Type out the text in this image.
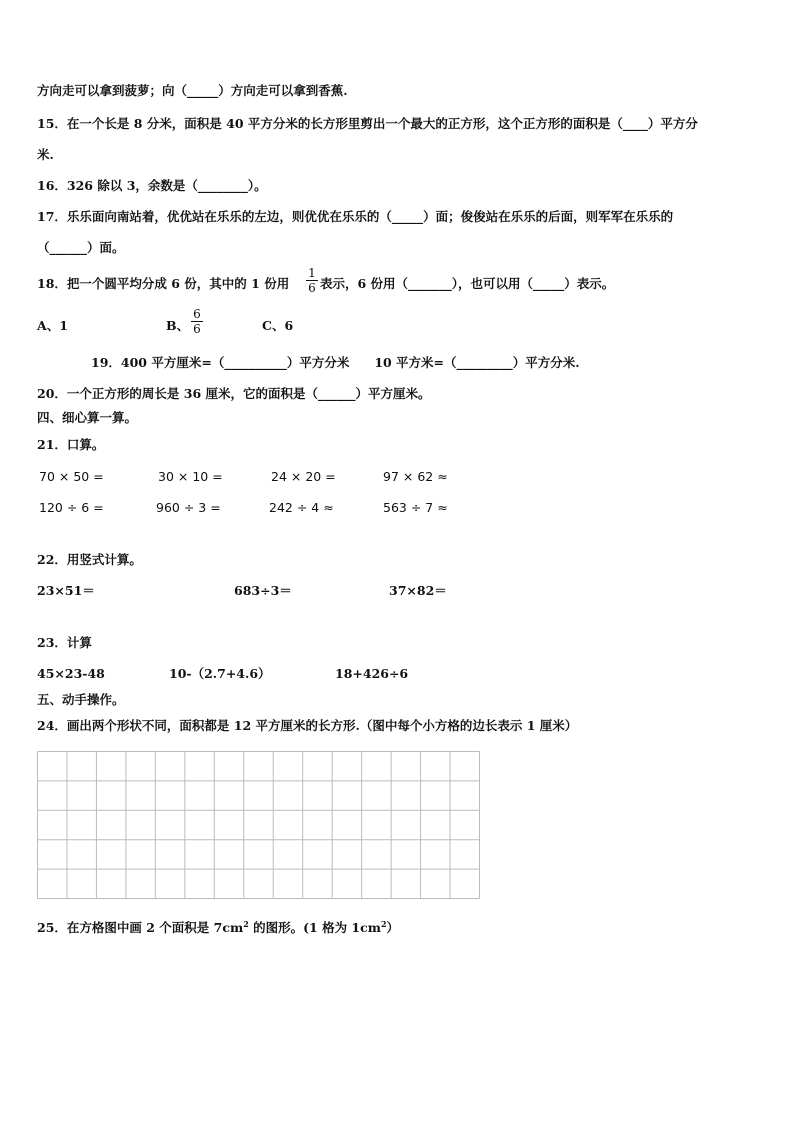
方向走可以拿到菠萝；向（_____）方向走可以拿到香蕉.
15．在一个长是 8 分米，面积是 40 平方分米的长方形里剪出一个最大的正方形，这个正方形的面积是（____）平方分
米.
16．326 除以 3，余数是（________）。
17．乐乐面向南站着，优优站在乐乐的左边，则优优在乐乐的（_____）面；俊俊站在乐乐的后面，则军军在乐乐的
（______）面。
18．把一个圆平均分成 6 份，其中的 1 份用
1
6 表示，6 份用（_______），也可以用（_____）表示。
A、1	B、
6
6	C、6
19．400 平方厘米=（__________）平方分米　　10 平方米=（_________）平方分米.
20．一个正方形的周长是 36 厘米，它的面积是（______）平方厘米。
四、细心算一算。
21．口算。
70 × 50 =	30 × 10 =	24 × 20 =	97 × 62 ≈
120 ÷ 6 =	960 ÷ 3 =	242 ÷ 4 ≈	563 ÷ 7 ≈
22．用竖式计算。
23×51＝	683÷3＝	37×82＝
23．计算
45×23-48	10-（2.7+4.6）	18+426÷6
五、动手操作。
24．画出两个形状不同，面积都是 12 平方厘米的长方形.（图中每个小方格的边长表示 1 厘米）
25．在方格图中画 2 个面积是 $7cm^2$ 的图形。(1 格为 $1cm^2$）
